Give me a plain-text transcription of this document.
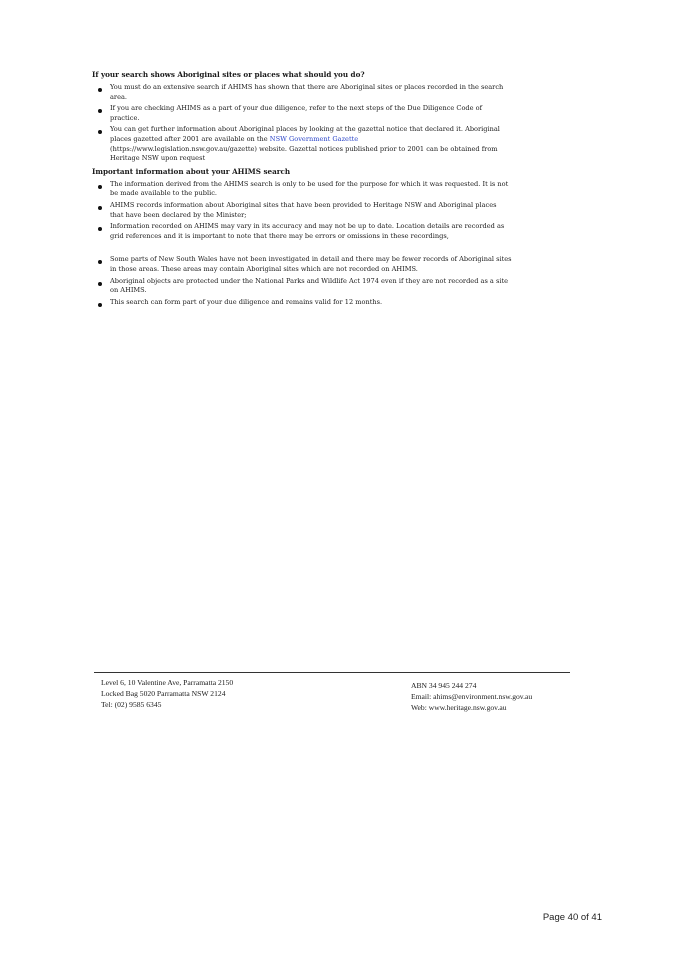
If your search shows Aboriginal sites or places what should you do?
You must do an extensive search if AHIMS has shown that there are Aboriginal sites or places recorded in the search area.
If you are checking AHIMS as a part of your due diligence, refer to the next steps of the Due Diligence Code of practice.
You can get further information about Aboriginal places by looking at the gazettal notice that declared it. Aboriginal places gazetted after 2001 are available on the NSW Government Gazette
(https://www.legislation.nsw.gov.au/gazette) website. Gazettal notices published prior to 2001 can be obtained from Heritage NSW upon request
Important information about your AHIMS search
The information derived from the AHIMS search is only to be used for the purpose for which it was requested. It is not be made available to the public.
AHIMS records information about Aboriginal sites that have been provided to Heritage NSW and Aboriginal places that have been declared by the Minister;
Information recorded on AHIMS may vary in its accuracy and may not be up to date. Location details are recorded as grid references and it is important to note that there may be errors or omissions in these recordings,
Some parts of New South Wales have not been investigated in detail and there may be fewer records of Aboriginal sites in those areas. These areas may contain Aboriginal sites which are not recorded on AHIMS.
Aboriginal objects are protected under the National Parks and Wildlife Act 1974 even if they are not recorded as a site on AHIMS.
This search can form part of your due diligence and remains valid for 12 months.
Level 6, 10 Valentine Ave, Parramatta 2150
Locked Bag 5020 Parramatta NSW 2124
Tel: (02) 9585 6345
ABN 34 945 244 274
Email: ahims@environment.nsw.gov.au
Web: www.heritage.nsw.gov.au
Page 40 of 41
